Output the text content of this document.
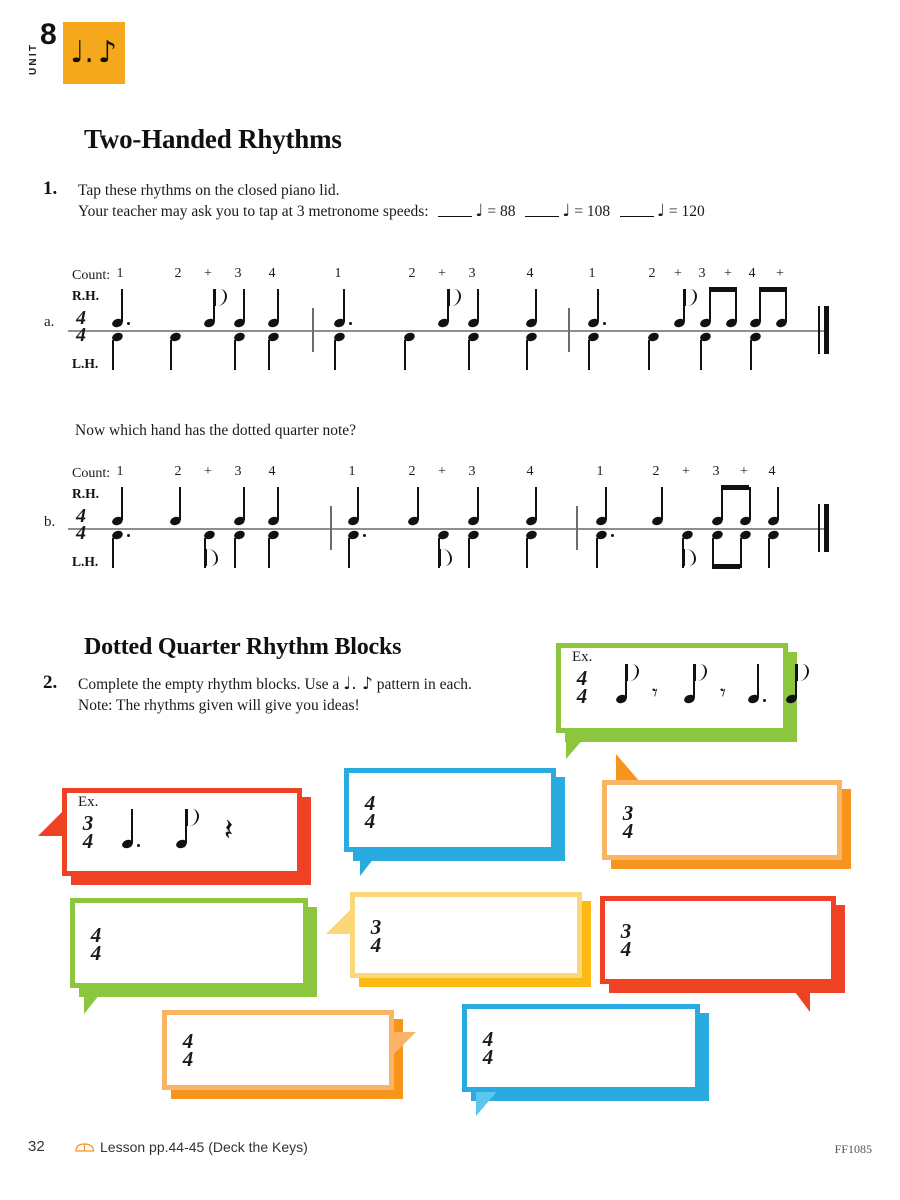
UNIT
8
♩. ♪
Two-Handed Rhythms
1. Tap these rhythms on the closed piano lid.
Your teacher may ask you to tap at 3 metronome speeds:	♩ = 88	♩ = 108	♩ = 120
a.
Count:
R.H.
L.H.
4
4
1	2 + 3 4	1	2 + 3	4	1	2 + 3 + 4 +
b.
Count:
R.H.
L.H.
4
4
1	2 + 3 4	1	2 + 3	4	1	2 + 3 + 4
Now which hand has the dotted quarter note?
Dotted Quarter Rhythm Blocks
2. Complete the empty rhythm blocks. Use a ♩. ♪ pattern in each.
Note: The rhythms given will give you ideas!
Ex.
4
4	𝄾	𝄾
Ex.
3
4	𝄽
4
4	3
4
4
4
3
4
3
4
4
4
4
4
32	Lesson pp.44-45 (Deck the Keys)	FF1085
